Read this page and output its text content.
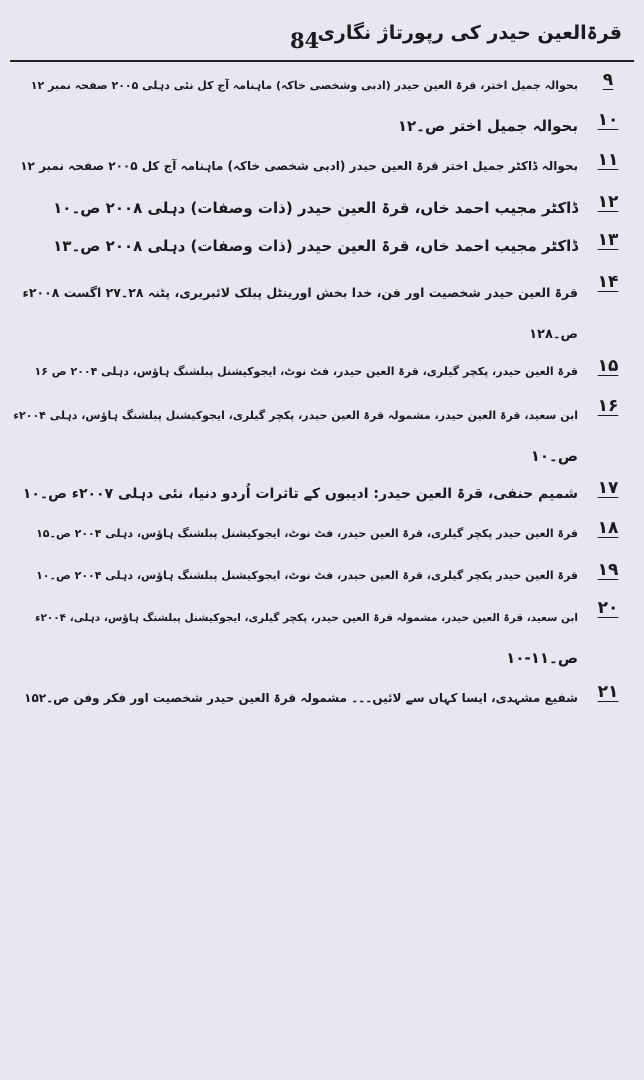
84
قرۃالعین حیدر کی رپورتاژ نگاری
۹
بحوالہ جمیل اختر، قرۃ العین حیدر (ادبی وشخصی خاکہ) ماہنامہ آج کل نئی دہلی ۲۰۰۵ صفحہ نمبر ۱۲
۱۰
بحوالہ جمیل اختر ص۔۱۲
۱۱
بحوالہ ڈاکٹر جمیل اختر قرۃ العین حیدر (ادبی شخصی خاکہ) ماہنامہ آج کل ۲۰۰۵ صفحہ نمبر ۱۲
۱۲
ڈاکٹر مجیب احمد خاں، قرۃ العین حیدر (ذات وصفات) دہلی ۲۰۰۸ ص۔۱۰
۱۳
ڈاکٹر مجیب احمد خاں، قرۃ العین حیدر (ذات وصفات) دہلی ۲۰۰۸ ص۔۱۳
۱۴
قرۃ العین حیدر شخصیت اور فن، خدا بخش اورینٹل پبلک لائبریری، پٹنہ ۲۸۔۲۷ اگست ۲۰۰۸ء
ص۔۱۲۸
۱۵
قرۃ العین حیدر، پکچر گیلری، قرۃ العین حیدر، فٹ نوٹ، ایجوکیشنل پبلشنگ ہاؤس، دہلی ۲۰۰۴ ص ۱۶
۱۶
ابن سعید، قرۃ العین حیدر، مشمولہ قرۃ العین حیدر، پکچر گیلری، ایجوکیشنل پبلشنگ ہاؤس، دہلی ۲۰۰۴ء
ص۔۱۰
۱۷
شمیم حنفی، قرۃ العین حیدر: ادیبوں کے تاثرات اُردو دنیا، نئی دہلی ۲۰۰۷ء ص۔۱۰
۱۸
قرۃ العین حیدر پکچر گیلری، قرۃ العین حیدر، فٹ نوٹ، ایجوکیشنل پبلشنگ ہاؤس، دہلی ۲۰۰۴ ص۔۱۵
۱۹
قرۃ العین حیدر پکچر گیلری، قرۃ العین حیدر، فٹ نوٹ، ایجوکیشنل پبلشنگ ہاؤس، دہلی ۲۰۰۴ ص۔۱۰
۲۰
ابن سعید، قرۃ العین حیدر، مشمولہ قرۃ العین حیدر، پکچر گیلری، ایجوکیشنل پبلشنگ ہاؤس، دہلی، ۲۰۰۴ء
ص۔۱۱-۱۰
۲۱
شفیع مشہدی، ایسا کہاں سے لائیں۔۔۔ مشمولہ قرۃ العین حیدر شخصیت اور فکر وفن ص۔۱۵۲
